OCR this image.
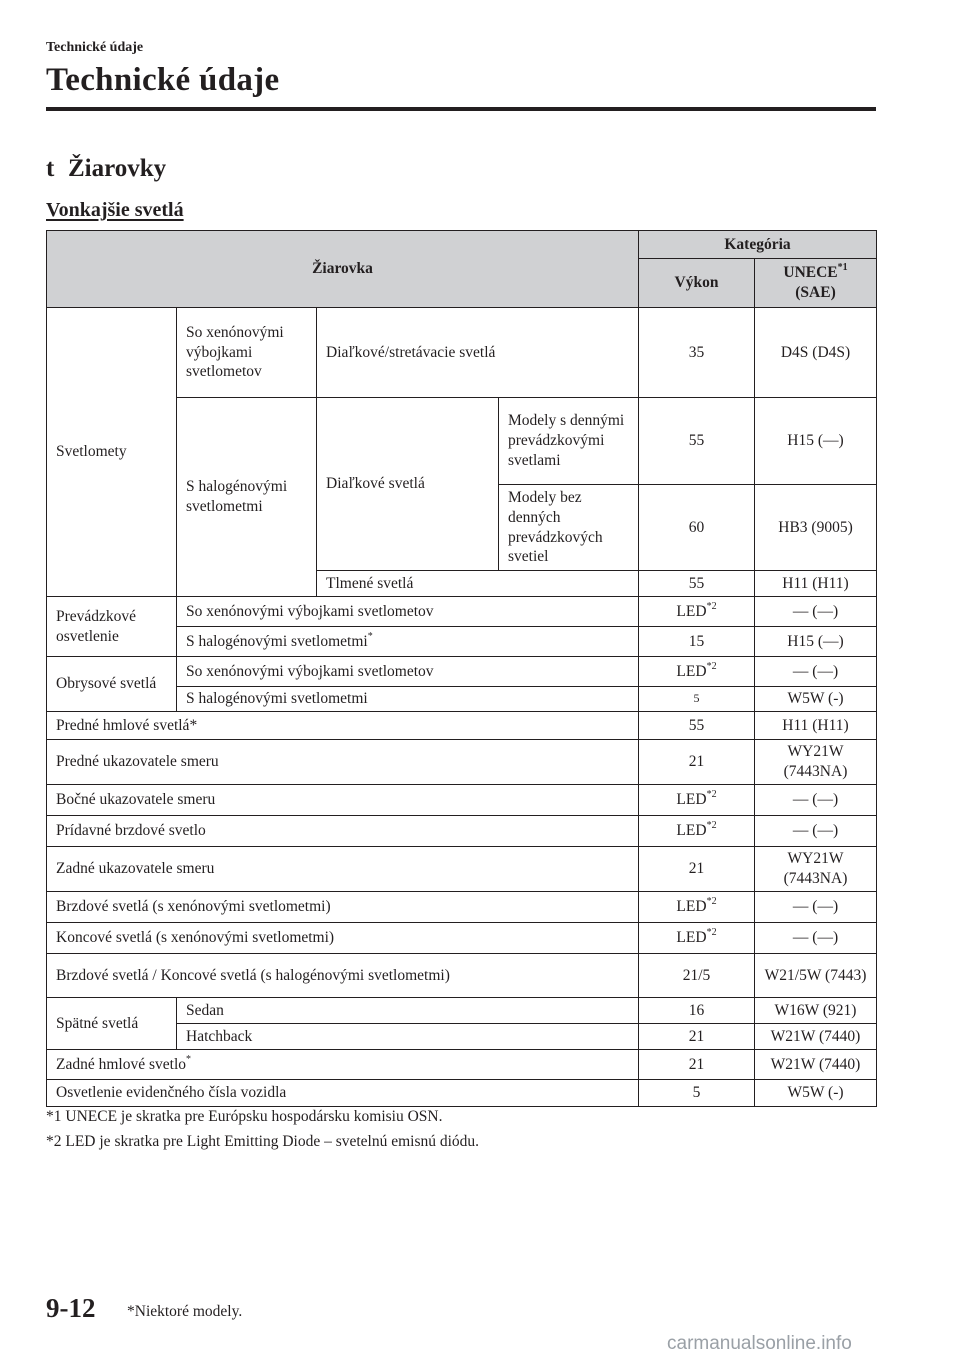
Technické údaje
Technické údaje
t Žiarovky
Vonkajšie svetlá
Žiarovka				Kategória	
				Výkon	UNECE$^{*1}$
(SAE)
Svetlomety	So xenónovými výbojkami svetlometov	Diaľkové/stretávacie svetlá		35	D4S (D4S)
	S halogénovými svetlometmi	Diaľkové svetlá	Modely s dennými prevádzkovými svetlami	55	H15 (—)
			Modely bez denných prevádzkových svetiel	60	HB3 (9005)
		Tlmené svetlá		55	H11 (H11)
Prevádzkové osvetlenie	So xenónovými výbojkami svetlometov			LED$^{*2}$	— (—)
	S halogénovými svetlometmi*			15	H15 (—)
Obrysové svetlá	So xenónovými výbojkami svetlometov			LED$^{*2}$	— (—)
	S halogénovými svetlometmi			5	W5W (-)
Predné hmlové svetlá*				55	H11 (H11)
Predné ukazovatele smeru				21	WY21W (7443NA)
Bočné ukazovatele smeru				LED$^{*2}$	— (—)
Prídavné brzdové svetlo				LED$^{*2}$	— (—)
Zadné ukazovatele smeru				21	WY21W (7443NA)
Brzdové svetlá (s xenónovými svetlometmi)				LED$^{*2}$	— (—)
Koncové svetlá (s xenónovými svetlometmi)				LED$^{*2}$	— (—)
Brzdové svetlá / Koncové svetlá (s halogénovými svetlometmi)				21/5	W21/5W (7443)
Spätné svetlá	Sedan			16	W16W (921)
	Hatchback			21	W21W (7440)
Zadné hmlové svetlo*				21	W21W (7440)
Osvetlenie evidenčného čísla vozidla				5	W5W (-)
*1 UNECE je skratka pre Európsku hospodársku komisiu OSN.
*2 LED je skratka pre Light Emitting Diode – svetelnú emisnú diódu.
9-12 *Niektoré modely.
carmanualsonline.info
